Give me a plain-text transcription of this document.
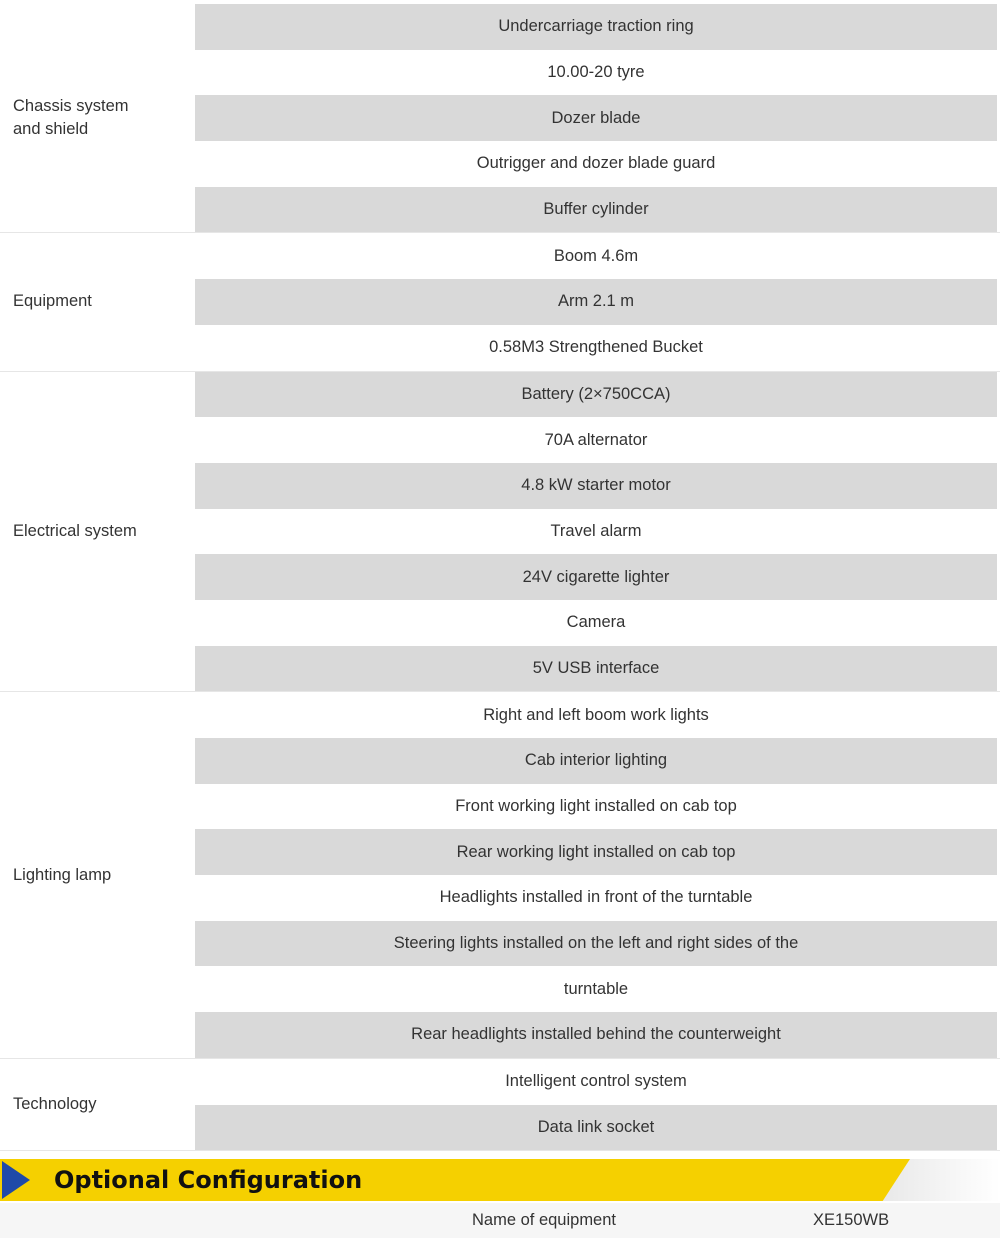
Chassis system and shield
Undercarriage traction ring
10.00-20 tyre
Dozer blade
Outrigger and dozer blade guard
Buffer cylinder
Equipment
Boom 4.6m
Arm 2.1 m
0.58M3 Strengthened Bucket
Electrical system
Battery (2×750CCA)
70A alternator
4.8 kW starter motor
Travel alarm
24V cigarette lighter
Camera
5V USB interface
Lighting lamp
Right and left boom work lights
Cab interior lighting
Front working light installed on cab top
Rear working light installed on cab top
Headlights installed in front of the turntable
Steering lights installed on the left and right sides of the
turntable
Rear headlights installed behind the counterweight
Technology
Intelligent control system
Data link socket
Optional Configuration
Name of equipment	XE150WB
